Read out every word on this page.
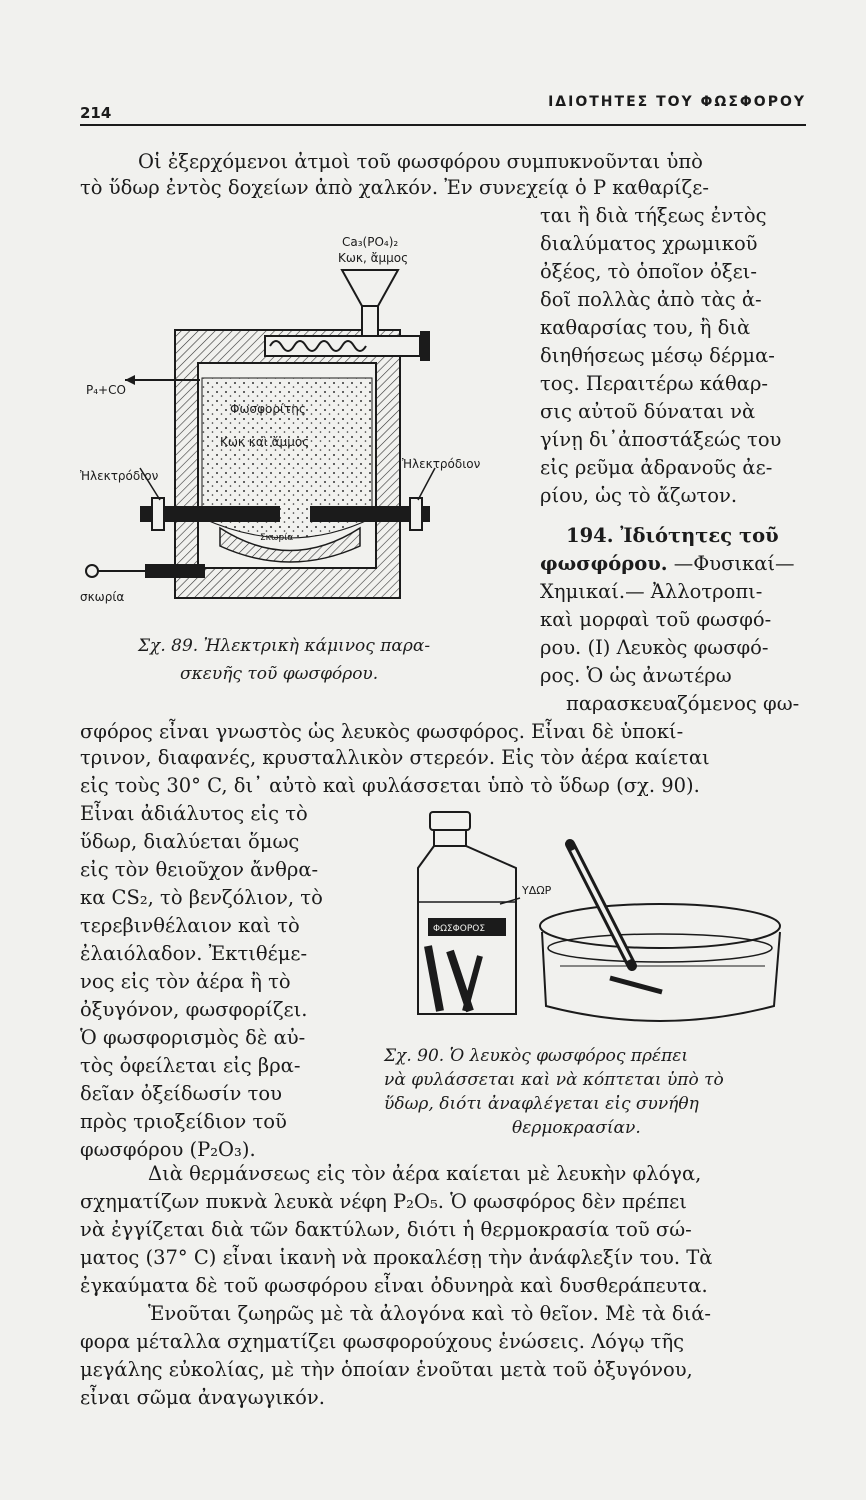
214
ΙΔΙΟΤΗΤΕΣ ΤΟΥ ΦΩΣΦΟΡΟΥ
Οἱ ἐξερχόμενοι ἀτμοὶ τοῦ φωσφόρου συμπυκνοῦνται ὑπὸ
τὸ ὕδωρ ἐντὸς δοχείων ἀπὸ χαλκόν. Ἐν συνεχείᾳ ὁ Ρ καθαρίζε-
ται ἢ διὰ τήξεως ἐντὸς
διαλύματος χρωμικοῦ
ὀξέος, τὸ ὁποῖον ὀξει-
δοῖ πολλὰς ἀπὸ τὰς ἀ-
καθαρσίας του, ἢ διὰ
διηθήσεως μέσῳ δέρμα-
τος. Περαιτέρω κάθαρ-
σις αὐτοῦ δύναται νὰ
γίνῃ δι᾿ἀποστάξεώς του
εἰς ρεῦμα ἀδρανοῦς ἀε-
ρίου, ὡς τὸ ἄζωτον.
194. Ἰδιότητες τοῦ
φωσφόρου. —Φυσικαί—
Χημικαί.— Ἀλλοτροπι-
καὶ μορφαὶ τοῦ φωσφό-
ρου. (I) Λευκὸς φωσφό-
ρος. Ὁ ὡς ἀνωτέρω
παρασκευαζόμενος φω-
Ca₃(PO₄)₂
Κωκ, ἄμμος
P₄+CO
Φωσφορίτης
Κωκ καὶ ἄμμος
Ἠλεκτρόδιον
Ἠλεκτρόδιον
Σκωρία
σκωρία
Σχ. 89. Ἠλεκτρικὴ κάμινος παρα-
σκευῆς τοῦ φωσφόρου.
σφόρος εἶναι γνωστὸς ὡς λευκὸς φωσφόρος. Εἶναι δὲ ὑποκί-
τρινον, διαφανές, κρυσταλλικὸν στερεόν. Εἰς τὸν ἀέρα καίεται
εἰς τοὺς 30° C, δι᾿ αὐτὸ καὶ φυλάσσεται ὑπὸ τὸ ὕδωρ (σχ. 90).
Εἶναι ἀδιάλυτος εἰς τὸ
ὕδωρ, διαλύεται ὅμως
εἰς τὸν θειοῦχον ἄνθρα-
κα CS₂, τὸ βενζόλιον, τὸ
τερεβινθέλαιον καὶ τὸ
ἐλαιόλαδον. Ἐκτιθέμε-
νος εἰς τὸν ἀέρα ἢ τὸ
ὀξυγόνον, φωσφορίζει.
Ὁ φωσφορισμὸς δὲ αὐ-
τὸς ὀφείλεται εἰς βρα-
δεῖαν ὀξείδωσίν του
πρὸς τριοξείδιον τοῦ
φωσφόρου (P₂O₃).
ΦΩΣΦΟΡΟΣ
ΥΔΩΡ
Σχ. 90. Ὁ λευκὸς φωσφόρος πρέπει
νὰ φυλάσσεται καὶ νὰ κόπτεται ὑπὸ τὸ
ὕδωρ, διότι ἀναφλέγεται εἰς συνήθη
θερμοκρασίαν.
Διὰ θερμάνσεως εἰς τὸν ἀέρα καίεται μὲ λευκὴν φλόγα,
σχηματίζων πυκνὰ λευκὰ νέφη P₂O₅. Ὁ φωσφόρος δὲν πρέπει
νὰ ἐγγίζεται διὰ τῶν δακτύλων, διότι ἡ θερμοκρασία τοῦ σώ-
ματος (37° C) εἶναι ἱκανὴ νὰ προκαλέσῃ τὴν ἀνάφλεξίν του. Τὰ
ἐγκαύματα δὲ τοῦ φωσφόρου εἶναι ὀδυνηρὰ καὶ δυσθεράπευτα.
Ἑνοῦται ζωηρῶς μὲ τὰ ἀλογόνα καὶ τὸ θεῖον. Μὲ τὰ διά-
φορα μέταλλα σχηματίζει φωσφορούχους ἑνώσεις. Λόγῳ τῆς
μεγάλης εὐκολίας, μὲ τὴν ὁποίαν ἑνοῦται μετὰ τοῦ ὀξυγόνου,
εἶναι σῶμα ἀναγωγικόν.
